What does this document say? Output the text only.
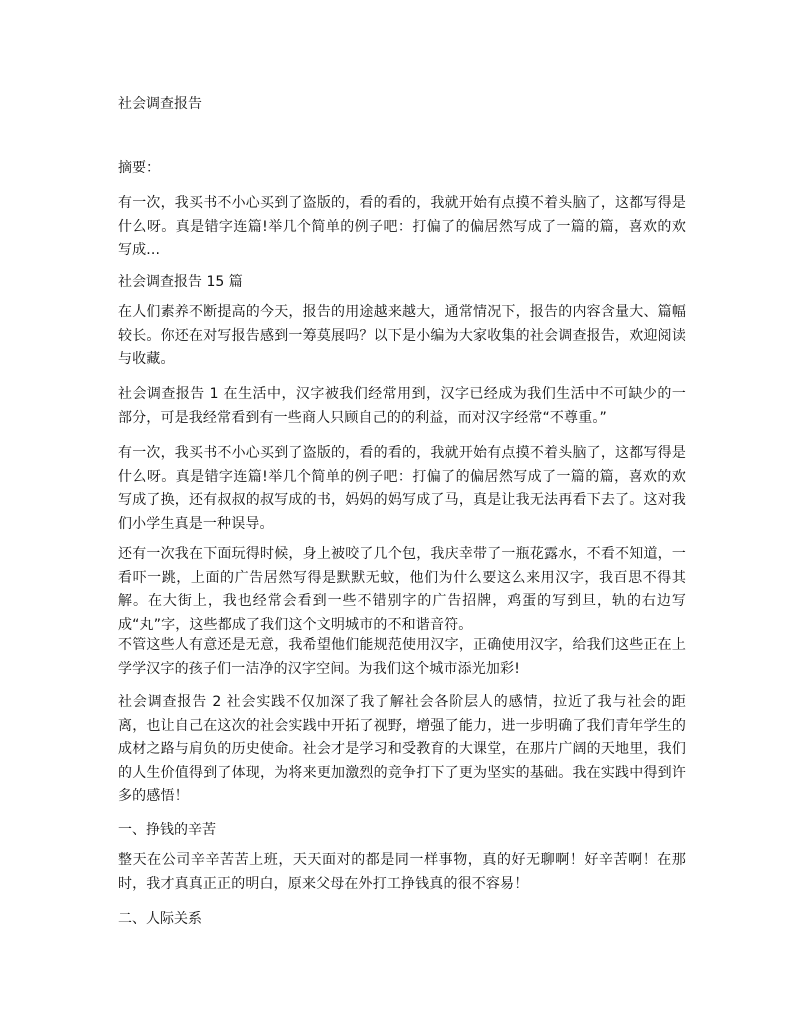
社会调查报告
摘要：
有一次，我买书不小心买到了盗版的，看的看的，我就开始有点摸不着头脑了，这都写得是什么呀。真是错字连篇!举几个简单的例子吧：打偏了的偏居然写成了一篇的篇，喜欢的欢写成...
社会调查报告 15 篇
在人们素养不断提高的今天，报告的用途越来越大，通常情况下，报告的内容含量大、篇幅较长。你还在对写报告感到一筹莫展吗？以下是小编为大家收集的社会调查报告，欢迎阅读与收藏。
社会调查报告 1 在生活中，汉字被我们经常用到，汉字已经成为我们生活中不可缺少的一部分，可是我经常看到有一些商人只顾自己的的利益，而对汉字经常“不尊重。”
有一次，我买书不小心买到了盗版的，看的看的，我就开始有点摸不着头脑了，这都写得是什么呀。真是错字连篇!举几个简单的例子吧：打偏了的偏居然写成了一篇的篇，喜欢的欢写成了换，还有叔叔的叔写成的书，妈妈的妈写成了马，真是让我无法再看下去了。这对我们小学生真是一种误导。
还有一次我在下面玩得时候，身上被咬了几个包，我庆幸带了一瓶花露水，不看不知道，一看吓一跳，上面的广告居然写得是默默无蚊，他们为什么要这么来用汉字，我百思不得其解。在大街上，我也经常会看到一些不错别字的广告招牌，鸡蛋的写到旦，轨的右边写成“丸”字，这些都成了我们这个文明城市的不和谐音符。
不管这些人有意还是无意，我希望他们能规范使用汉字，正确使用汉字，给我们这些正在上学学汉字的孩子们一洁净的汉字空间。为我们这个城市添光加彩!
社会调查报告 2 社会实践不仅加深了我了解社会各阶层人的感情，拉近了我与社会的距离，也让自己在这次的社会实践中开拓了视野，增强了能力，进一步明确了我们青年学生的成材之路与肩负的历史使命。社会才是学习和受教育的大课堂，在那片广阔的天地里，我们的人生价值得到了体现，为将来更加激烈的竞争打下了更为坚实的基础。我在实践中得到许多的感悟！
一、挣钱的辛苦
整天在公司辛辛苦苦上班，天天面对的都是同一样事物，真的好无聊啊！好辛苦啊！在那时，我才真真正正的明白，原来父母在外打工挣钱真的很不容易！
二、人际关系
